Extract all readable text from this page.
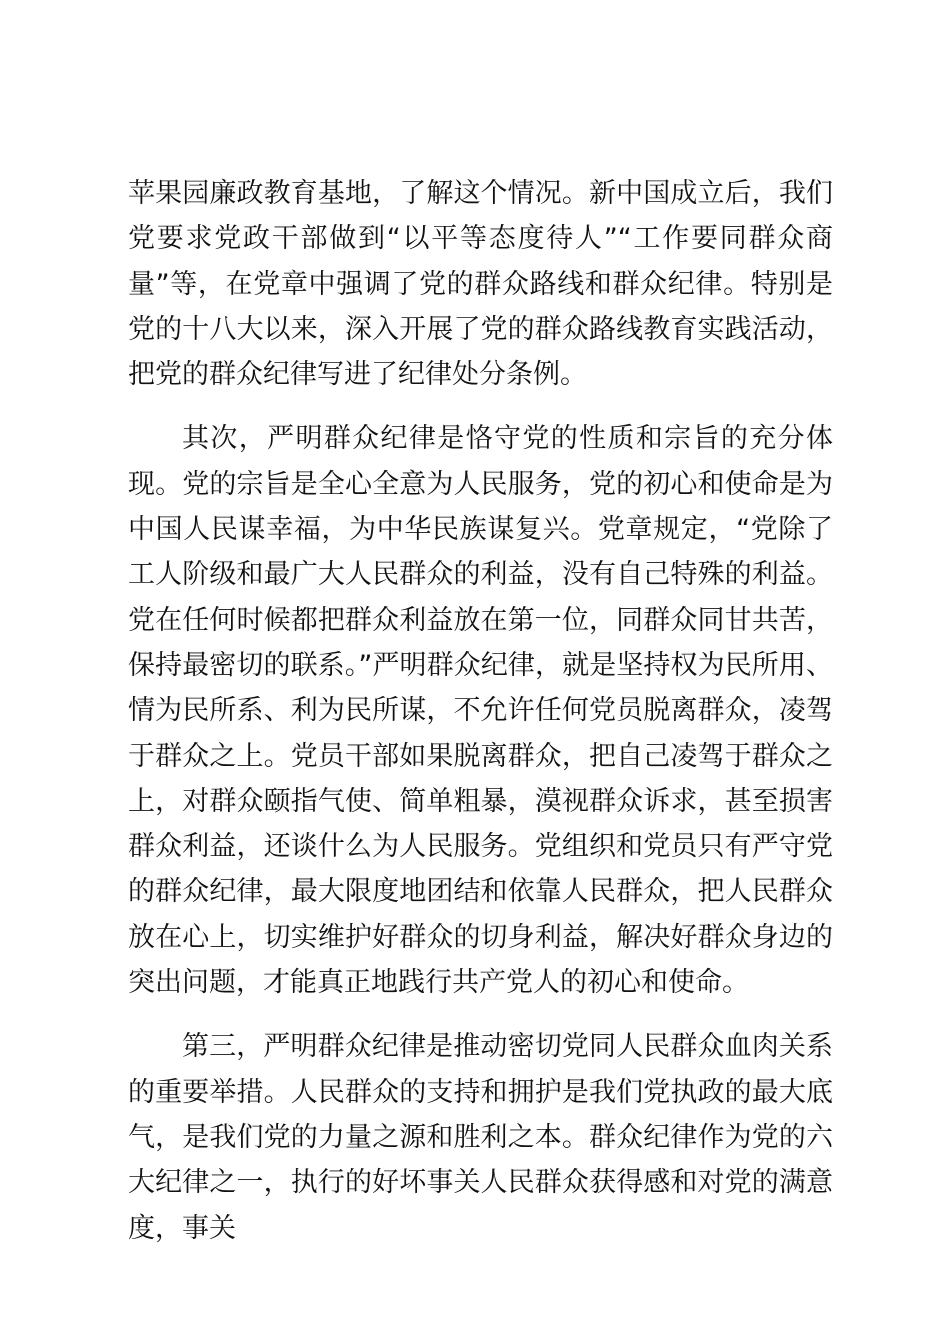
苹果园廉政教育基地，了解这个情况。新中国成立后，我们党要求党政干部做到“以平等态度待人”“工作要同群众商量”等，在党章中强调了党的群众路线和群众纪律。特别是党的十八大以来，深入开展了党的群众路线教育实践活动，把党的群众纪律写进了纪律处分条例。

其次，严明群众纪律是恪守党的性质和宗旨的充分体现。党的宗旨是全心全意为人民服务，党的初心和使命是为中国人民谋幸福，为中华民族谋复兴。党章规定，“党除了工人阶级和最广大人民群众的利益，没有自己特殊的利益。党在任何时候都把群众利益放在第一位，同群众同甘共苦，保持最密切的联系。”严明群众纪律，就是坚持权为民所用、情为民所系、利为民所谋，不允许任何党员脱离群众，凌驾于群众之上。党员干部如果脱离群众，把自己凌驾于群众之上，对群众颐指气使、简单粗暴，漠视群众诉求，甚至损害群众利益，还谈什么为人民服务。党组织和党员只有严守党的群众纪律，最大限度地团结和依靠人民群众，把人民群众放在心上，切实维护好群众的切身利益，解决好群众身边的突出问题，才能真正地践行共产党人的初心和使命。

第三，严明群众纪律是推动密切党同人民群众血肉关系的重要举措。人民群众的支持和拥护是我们党执政的最大底气，是我们党的力量之源和胜利之本。群众纪律作为党的六大纪律之一，执行的好坏事关人民群众获得感和对党的满意度，事关
